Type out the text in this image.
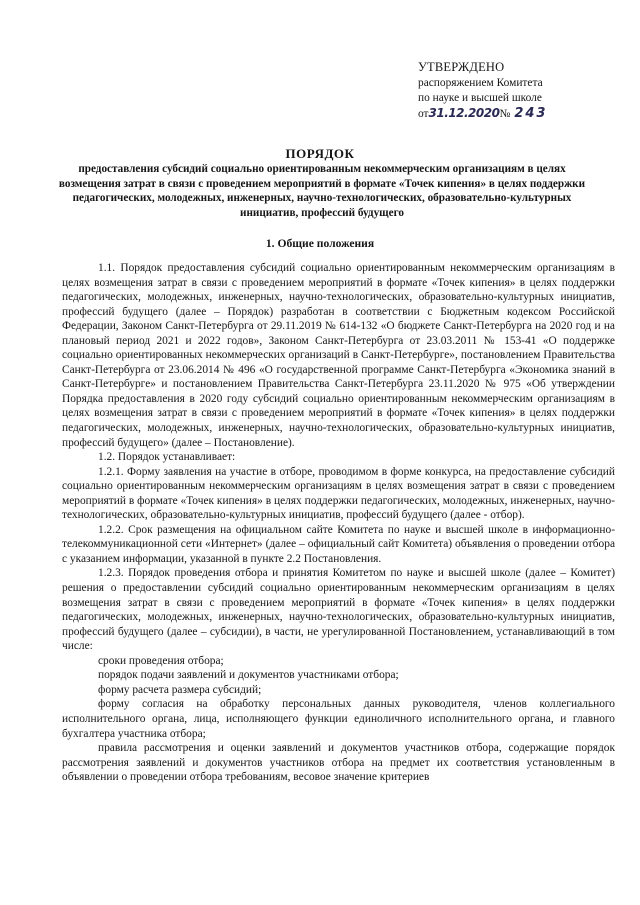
УТВЕРЖДЕНО
распоряжением Комитета
по науке и высшей школе
от31.12.2020№ 243
ПОРЯДОК
предоставления субсидий социально ориентированным некоммерческим организациям в целях возмещения затрат в связи с проведением мероприятий в формате «Точек кипения» в целях поддержки педагогических, молодежных, инженерных, научно-технологических, образовательно-культурных инициатив, профессий будущего
1. Общие положения

1.1. Порядок предоставления субсидий социально ориентированным некоммерческим организациям в целях возмещения затрат в связи с проведением мероприятий в формате «Точек кипения» в целях поддержки педагогических, молодежных, инженерных, научно-технологических, образовательно-культурных инициатив, профессий будущего (далее – Порядок) разработан в соответствии с Бюджетным кодексом Российской Федерации, Законом Санкт-Петербурга от 29.11.2019 № 614-132 «О бюджете Санкт-Петербурга на 2020 год и на плановый период 2021 и 2022 годов», Законом Санкт-Петербурга от 23.03.2011 № 153-41 «О поддержке социально ориентированных некоммерческих организаций в Санкт-Петербурге», постановлением Правительства Санкт-Петербурга от 23.06.2014 № 496 «О государственной программе Санкт-Петербурга «Экономика знаний в Санкт-Петербурге» и постановлением Правительства Санкт-Петербурга 23.11.2020 № 975 «Об утверждении Порядка предоставления в 2020 году субсидий социально ориентированным некоммерческим организациям в целях возмещения затрат в связи с проведением мероприятий в формате «Точек кипения» в целях поддержки педагогических, молодежных, инженерных, научно-технологических, образовательно-культурных инициатив, профессий будущего» (далее – Постановление).

1.2. Порядок устанавливает:

1.2.1. Форму заявления на участие в отборе, проводимом в форме конкурса, на предоставление субсидий социально ориентированным некоммерческим организациям в целях возмещения затрат в связи с проведением мероприятий в формате «Точек кипения» в целях поддержки педагогических, молодежных, инженерных, научно-технологических, образовательно-культурных инициатив, профессий будущего (далее - отбор).

1.2.2. Срок размещения на официальном сайте Комитета по науке и высшей школе в информационно-телекоммуникационной сети «Интернет» (далее – официальный сайт Комитета) объявления о проведении отбора с указанием информации, указанной в пункте 2.2 Постановления.

1.2.3. Порядок проведения отбора и принятия Комитетом по науке и высшей школе (далее – Комитет) решения о предоставлении субсидий социально ориентированным некоммерческим организациям в целях возмещения затрат в связи с проведением мероприятий в формате «Точек кипения» в целях поддержки педагогических, молодежных, инженерных, научно-технологических, образовательно-культурных инициатив, профессий будущего (далее – субсидии), в части, не урегулированной Постановлением, устанавливающий в том числе:

сроки проведения отбора;

порядок подачи заявлений и документов участниками отбора;

форму расчета размера субсидий;

форму согласия на обработку персональных данных руководителя, членов коллегиального исполнительного органа, лица, исполняющего функции единоличного исполнительного органа, и главного бухгалтера участника отбора;

правила рассмотрения и оценки заявлений и документов участников отбора, содержащие порядок рассмотрения заявлений и документов участников отбора на предмет их соответствия установленным в объявлении о проведении отбора требованиям, весовое значение критериев
